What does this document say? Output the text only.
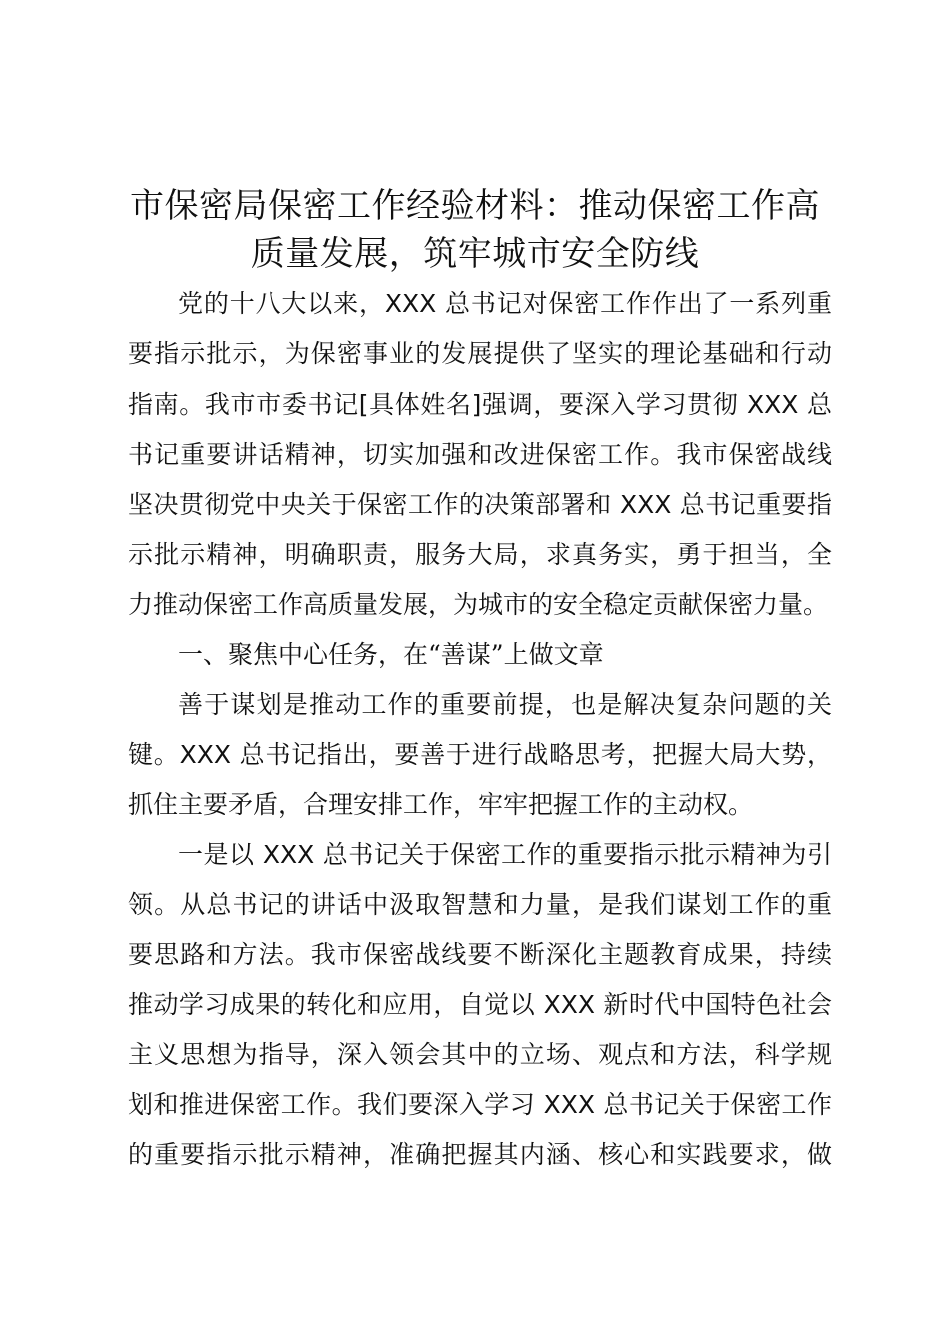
市保密局保密工作经验材料：推动保密工作高
质量发展，筑牢城市安全防线
党的十八大以来，XXX 总书记对保密工作作出了一系列重
要指示批示，为保密事业的发展提供了坚实的理论基础和行动
指南。我市市委书记[具体姓名]强调，要深入学习贯彻 XXX 总
书记重要讲话精神，切实加强和改进保密工作。我市保密战线
坚决贯彻党中央关于保密工作的决策部署和 XXX 总书记重要指
示批示精神，明确职责，服务大局，求真务实，勇于担当，全
力推动保密工作高质量发展，为城市的安全稳定贡献保密力量。
一、聚焦中心任务，在“善谋”上做文章
善于谋划是推动工作的重要前提，也是解决复杂问题的关
键。XXX 总书记指出，要善于进行战略思考，把握大局大势，
抓住主要矛盾，合理安排工作，牢牢把握工作的主动权。
一是以 XXX 总书记关于保密工作的重要指示批示精神为引
领。从总书记的讲话中汲取智慧和力量，是我们谋划工作的重
要思路和方法。我市保密战线要不断深化主题教育成果，持续
推动学习成果的转化和应用，自觉以 XXX 新时代中国特色社会
主义思想为指导，深入领会其中的立场、观点和方法，科学规
划和推进保密工作。我们要深入学习 XXX 总书记关于保密工作
的重要指示批示精神，准确把握其内涵、核心和实践要求，做
